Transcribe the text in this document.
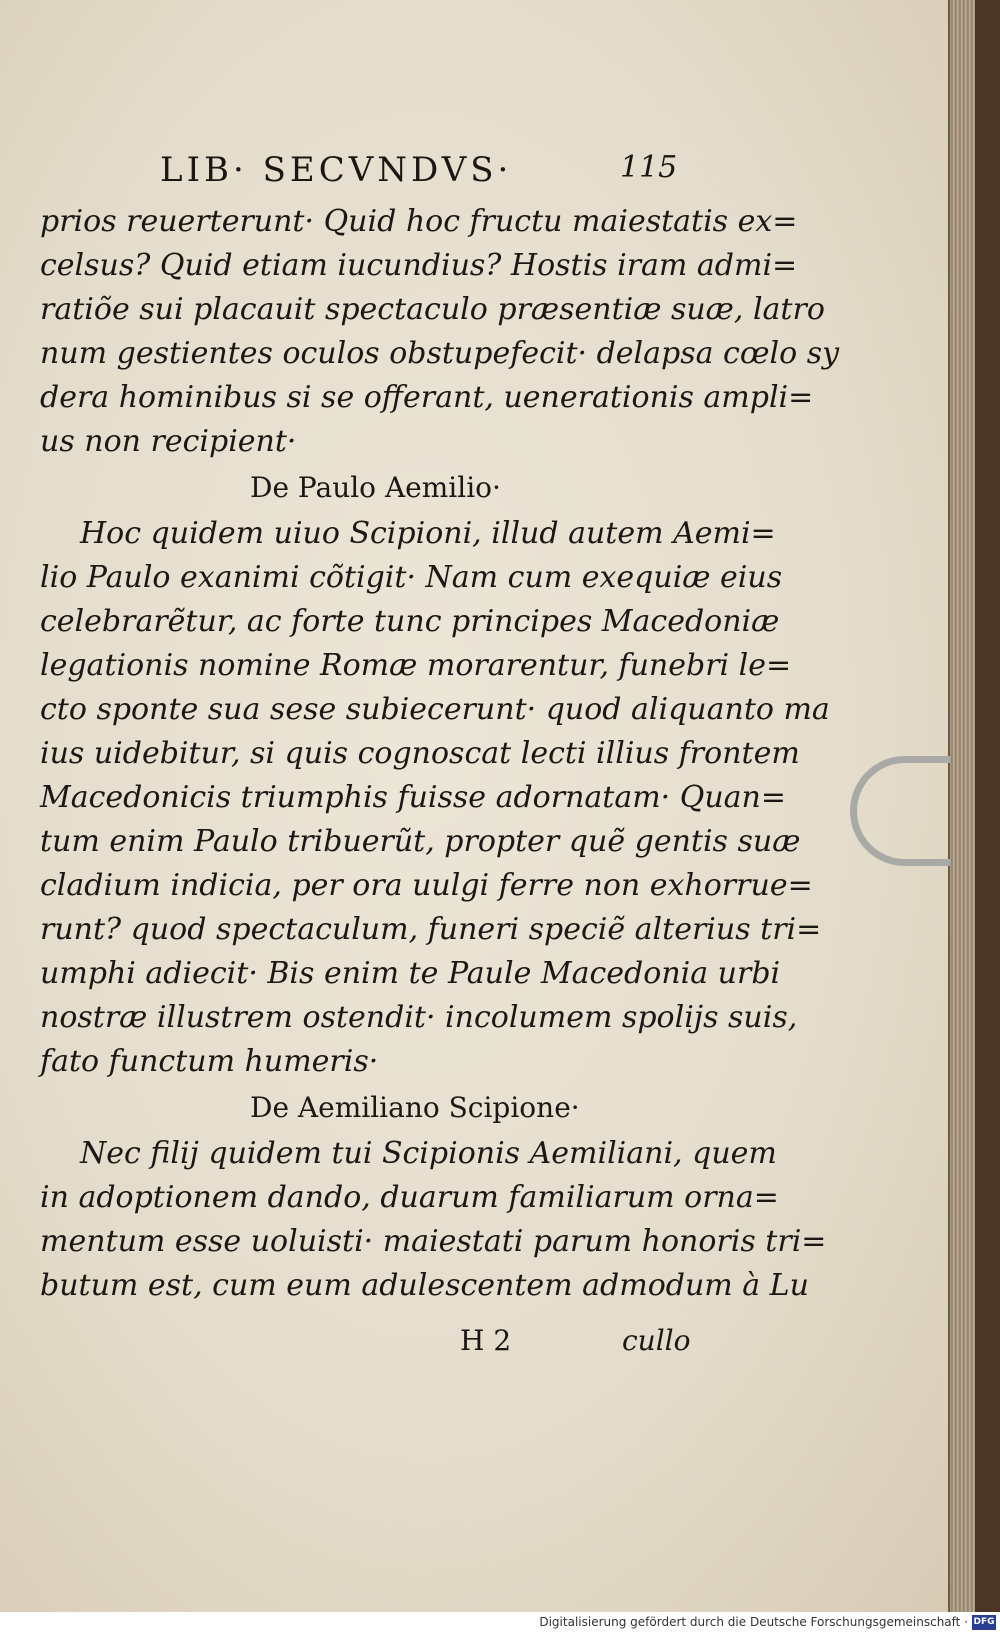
LIB· SECVNDVS·	115
prios reuerterunt· Quid hoc fructu maiestatis ex=
celsus? Quid etiam iucundius? Hostis iram admi=
ratiõe sui placauit spectaculo præsentiæ suæ, latro
num gestientes oculos obstupefecit· delapsa cœlo sy
dera hominibus si se offerant, uenerationis ampli=
us non recipient·
De Paulo Aemilio·
Hoc quidem uiuo Scipioni, illud autem Aemi=
lio Paulo exanimi cõtigit· Nam cum exequiæ eius
celebrarẽtur, ac forte tunc principes Macedoniæ
legationis nomine Romæ morarentur, funebri le=
cto sponte sua sese subiecerunt· quod aliquanto ma
ius uidebitur, si quis cognoscat lecti illius frontem
Macedonicis triumphis fuisse adornatam· Quan=
tum enim Paulo tribuerũt, propter quẽ gentis suæ
cladium indicia, per ora uulgi ferre non exhorrue=
runt? quod spectaculum, funeri speciẽ alterius tri=
umphi adiecit· Bis enim te Paule Macedonia urbi
nostræ illustrem ostendit· incolumem spolijs suis,
fato functum humeris·
De Aemiliano Scipione·
Nec filij quidem tui Scipionis Aemiliani, quem
in adoptionem dando, duarum familiarum orna=
mentum esse uoluisti· maiestati parum honoris tri=
butum est, cum eum adulescentem admodum à Lu
H 2	cullo
Digitalisierung gefördert durch die Deutsche Forschungsgemeinschaft · DFG
